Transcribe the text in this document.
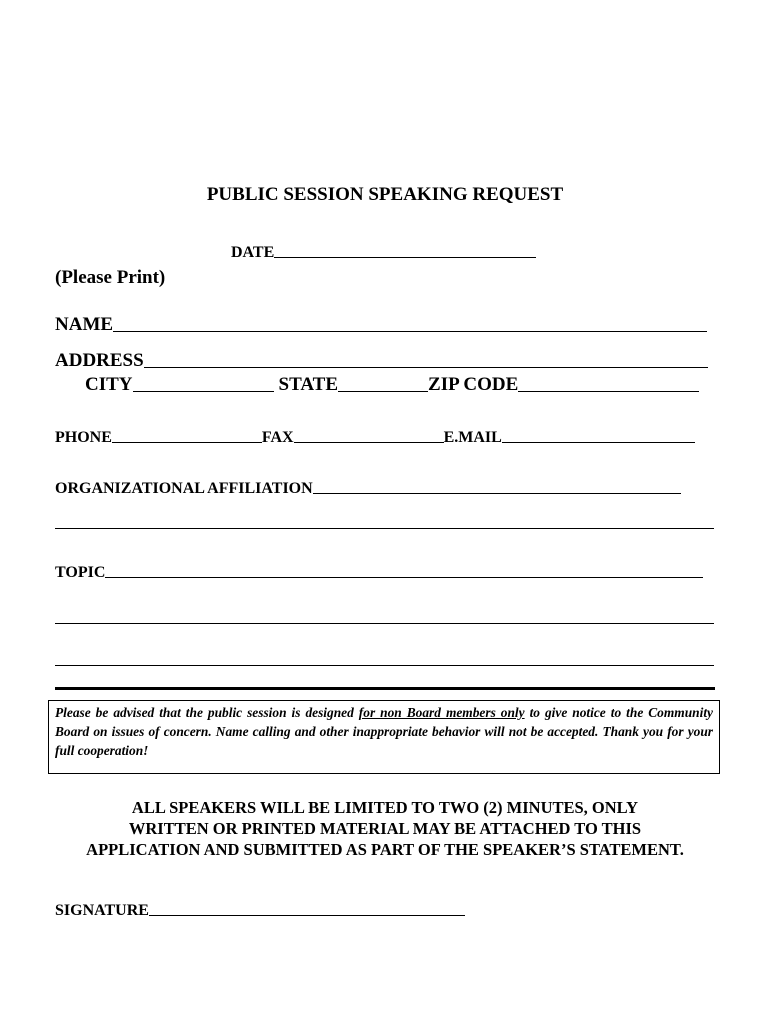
PUBLIC SESSION SPEAKING REQUEST
DATE
(Please Print)
NAME
ADDRESS
CITY	STATE	ZIP CODE
PHONE	FAX	E.MAIL
ORGANIZATIONAL AFFILIATION
TOPIC
Please be advised that the public session is designed for non Board members only to give notice to the Community Board on issues of concern. Name calling and other inappropriate behavior will not be accepted. Thank you for your full cooperation!
ALL SPEAKERS WILL BE LIMITED TO TWO (2) MINUTES, ONLY
WRITTEN OR PRINTED MATERIAL MAY BE ATTACHED TO THIS
APPLICATION AND SUBMITTED AS PART OF THE SPEAKER’S STATEMENT.
SIGNATURE
